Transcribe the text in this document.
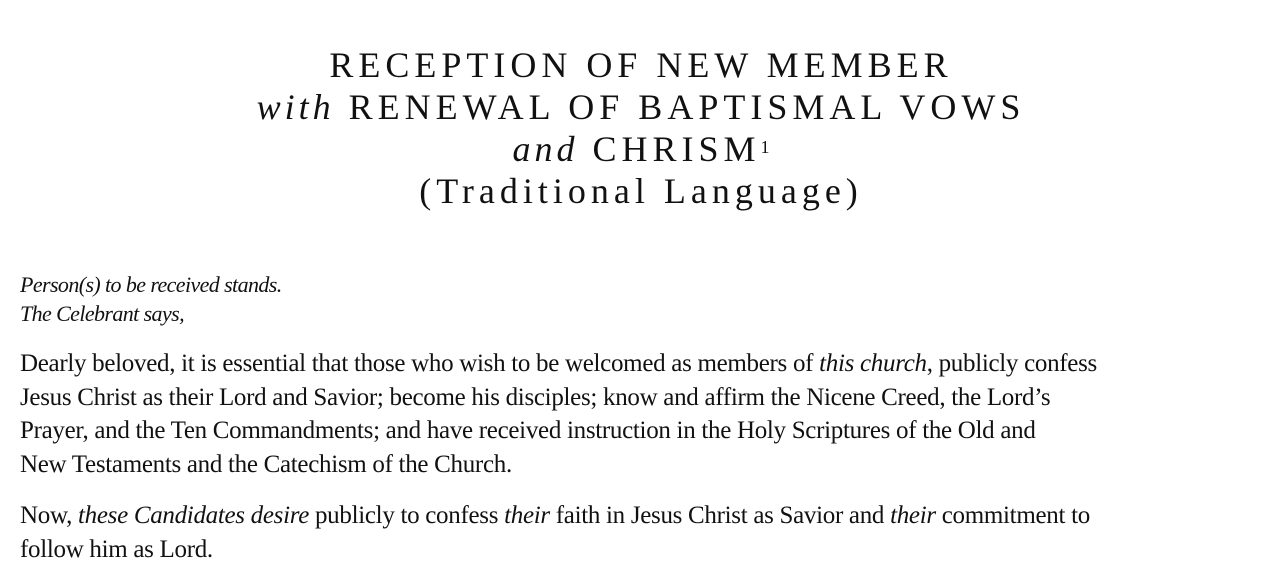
RECEPTION OF NEW MEMBER
with RENEWAL OF BAPTISMAL VOWS
and CHRISM$^1$
(Traditional Language)
Person(s) to be received stands.
The Celebrant says,
Dearly beloved, it is essential that those who wish to be welcomed as members of this church, publicly confess
Jesus Christ as their Lord and Savior; become his disciples; know and affirm the Nicene Creed, the Lord’s
Prayer, and the Ten Commandments; and have received instruction in the Holy Scriptures of the Old and
New Testaments and the Catechism of the Church.
Now, these Candidates desire publicly to confess their faith in Jesus Christ as Savior and their commitment to
follow him as Lord.
